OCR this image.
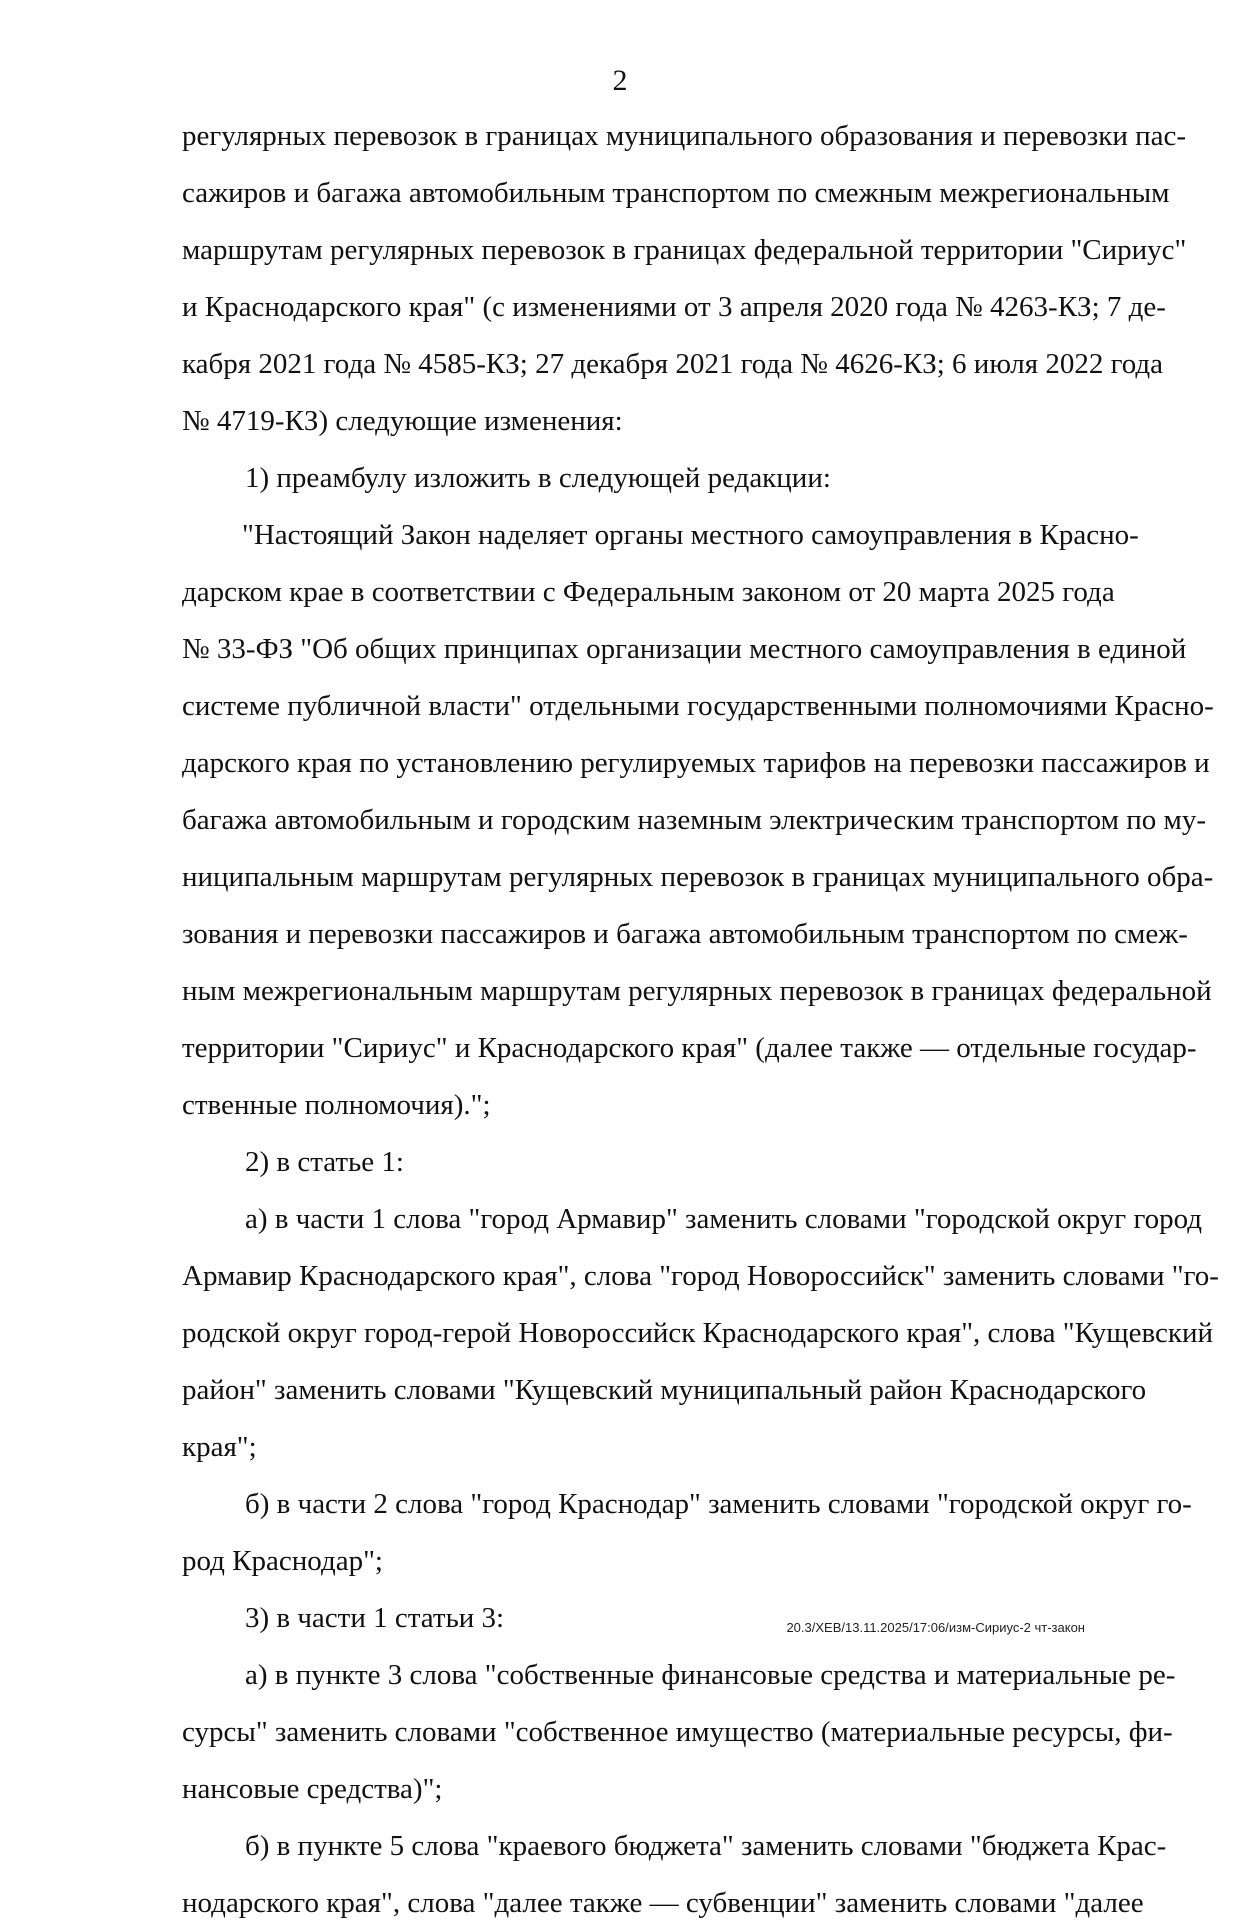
2
регулярных перевозок в границах муниципального образования и перевозки пас-
сажиров и багажа автомобильным транспортом по смежным межрегиональным
маршрутам регулярных перевозок в границах федеральной территории "Сириус"
и Краснодарского края" (с изменениями от 3 апреля 2020 года № 4263-КЗ; 7 де-
кабря 2021 года № 4585-КЗ; 27 декабря 2021 года № 4626-КЗ; 6 июля 2022 года
№ 4719-КЗ) следующие изменения:
1) преамбулу изложить в следующей редакции:
"Настоящий Закон наделяет органы местного самоуправления в Красно-
дарском крае в соответствии с Федеральным законом от 20 марта 2025 года
№ 33-ФЗ "Об общих принципах организации местного самоуправления в единой
системе публичной власти" отдельными государственными полномочиями Красно-
дарского края по установлению регулируемых тарифов на перевозки пассажиров и
багажа автомобильным и городским наземным электрическим транспортом по му-
ниципальным маршрутам регулярных перевозок в границах муниципального обра-
зования и перевозки пассажиров и багажа автомобильным транспортом по смеж-
ным межрегиональным маршрутам регулярных перевозок в границах федеральной
территории "Сириус" и Краснодарского края" (далее также — отдельные государ-
ственные полномочия).";
2) в статье 1:
а) в части 1 слова "город Армавир" заменить словами "городской округ город
Армавир Краснодарского края", слова "город Новороссийск" заменить словами "го-
родской округ город-герой Новороссийск Краснодарского края", слова "Кущевский
район" заменить словами "Кущевский муниципальный район Краснодарского
края";
б) в части 2 слова "город Краснодар" заменить словами "городской округ го-
род Краснодар";
3) в части 1 статьи 3:
а) в пункте 3 слова "собственные финансовые средства и материальные ре-
сурсы" заменить словами "собственное имущество (материальные ресурсы, фи-
нансовые средства)";
б) в пункте 5 слова "краевого бюджета" заменить словами "бюджета Крас-
нодарского края", слова "далее также — субвенции" заменить словами "далее
20.3/ХЕВ/13.11.2025/17:06/изм-Сириус-2 чт-закон
